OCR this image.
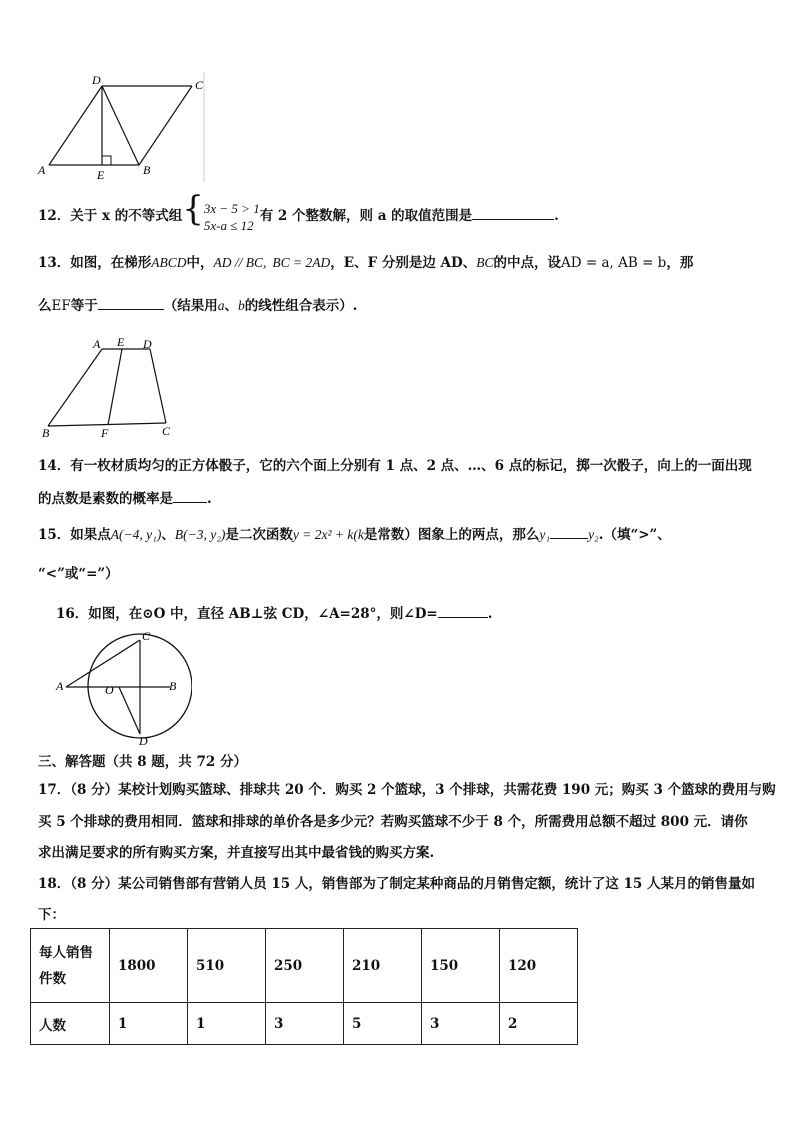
D	C
A	E	B
12．关于 x 的不等式组{ 3x − 5 > 1
5x-a ≤ 12
有 2 个整数解，则 a 的取值范围是	.
13．如图，在梯形ABCD中，AD // BC, BC = 2AD，E、F 分别是边 AD、BC的中点，设AD = a, AB = b，那
么EF等于	（结果用a、b的线性组合表示）.
A E D
B	F	C
14．有一枚材质均匀的正方体骰子，它的六个面上分别有 1 点、2 点、…、6 点的标记，掷一次骰子，向上的一面出现
的点数是素数的概率是	.
15．如果点A(−4, y₁)、B(−3, y₂)是二次函数y = 2x² + k(k是常数）图象上的两点，那么y₁	y₂.（填“>”、
“<”或“=”）
16．如图，在⊙O 中，直径 AB⊥弦 CD，∠A=28°，则∠D=	.
C
A	O	B
D
三、解答题（共 8 题，共 72 分）
17．（8 分）某校计划购买篮球、排球共 20 个．购买 2 个篮球，3 个排球，共需花费 190 元；购买 3 个篮球的费用与购
买 5 个排球的费用相同．篮球和排球的单价各是多少元？若购买篮球不少于 8 个，所需费用总额不超过 800 元．请你
求出满足要求的所有购买方案，并直接写出其中最省钱的购买方案.
18．（8 分）某公司销售部有营销人员 15 人，销售部为了制定某种商品的月销售定额，统计了这 15 人某月的销售量如
下：
每人销售
件数	1800	510	250	210	150	120
人数	1	1	3	5	3	2
